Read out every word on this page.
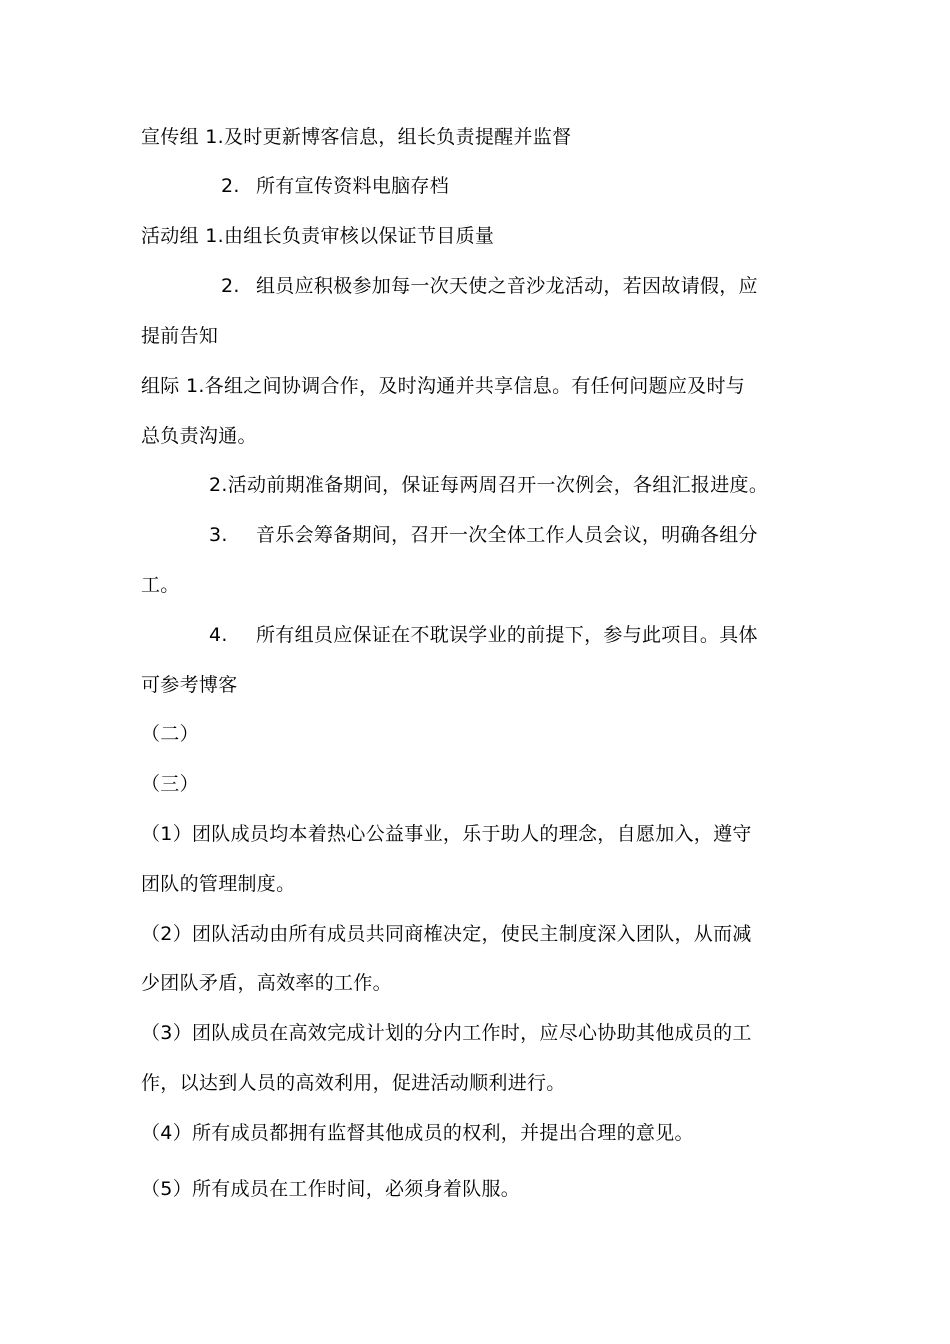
宣传组 1.及时更新博客信息，组长负责提醒并监督
2. 所有宣传资料电脑存档
活动组 1.由组长负责审核以保证节目质量
2. 组员应积极参加每一次天使之音沙龙活动，若因故请假，应
提前告知
组际 1.各组之间协调合作，及时沟通并共享信息。有任何问题应及时与
总负责沟通。
2.活动前期准备期间，保证每两周召开一次例会，各组汇报进度。
3. 音乐会筹备期间，召开一次全体工作人员会议，明确各组分
工。
4. 所有组员应保证在不耽误学业的前提下，参与此项目。具体
可参考博客
（二）
（三）
（1）团队成员均本着热心公益事业，乐于助人的理念，自愿加入，遵守
团队的管理制度。
（2）团队活动由所有成员共同商榷决定，使民主制度深入团队，从而减
少团队矛盾，高效率的工作。
（3）团队成员在高效完成计划的分内工作时，应尽心协助其他成员的工
作，以达到人员的高效利用，促进活动顺利进行。
（4）所有成员都拥有监督其他成员的权利，并提出合理的意见。
（5）所有成员在工作时间，必须身着队服。
